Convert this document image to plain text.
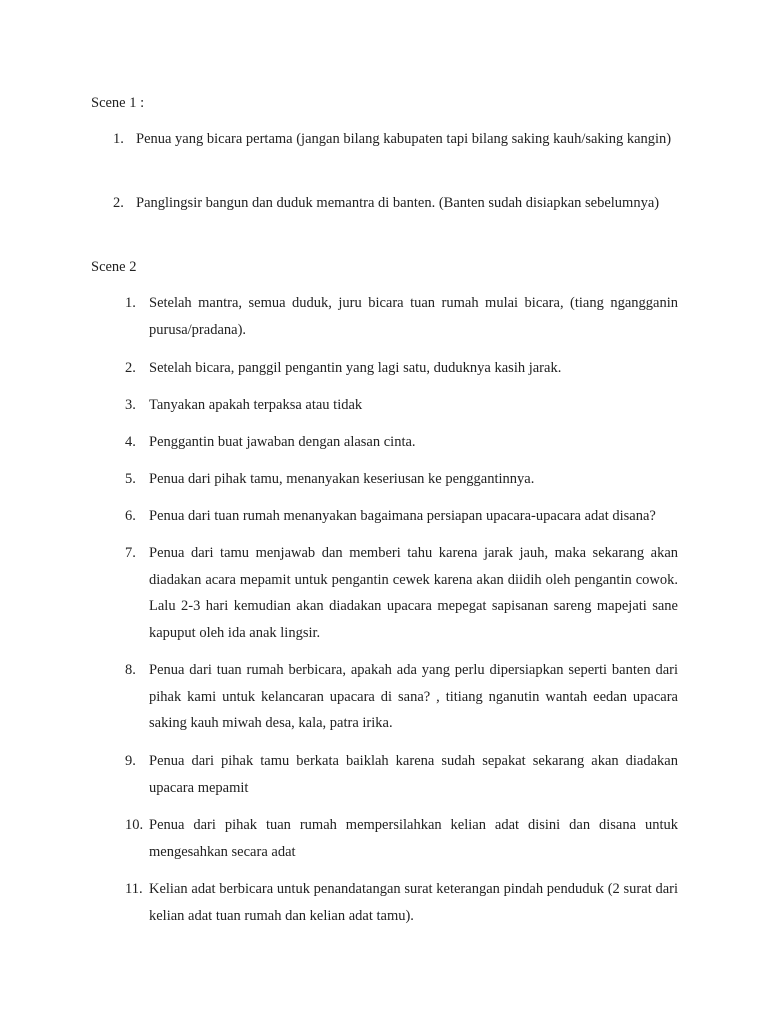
Scene 1 :
1. Penua yang bicara pertama (jangan bilang kabupaten tapi bilang saking kauh/saking kangin)

2. Panglingsir bangun dan duduk memantra di banten. (Banten sudah disiapkan sebelumnya)

Scene 2
1. Setelah mantra, semua duduk, juru bicara tuan rumah mulai bicara, (tiang ngangganin purusa/pradana).

2. Setelah bicara, panggil pengantin yang lagi satu, duduknya kasih jarak.

3. Tanyakan apakah terpaksa atau tidak

4. Penggantin buat jawaban dengan alasan cinta.

5. Penua dari pihak tamu, menanyakan keseriusan ke penggantinnya.

6. Penua dari tuan rumah menanyakan bagaimana persiapan upacara-upacara adat disana?

7. Penua dari tamu menjawab dan memberi tahu karena jarak jauh, maka sekarang akan diadakan acara mepamit untuk pengantin cewek karena akan diidih oleh pengantin cowok. Lalu 2-3 hari kemudian akan diadakan upacara mepegat sapisanan sareng mapejati sane kapuput oleh ida anak lingsir.

8. Penua dari tuan rumah berbicara, apakah ada yang perlu dipersiapkan seperti banten dari pihak kami untuk kelancaran upacara di sana? , titiang nganutin wantah eedan upacara saking kauh miwah desa, kala, patra irika.

9. Penua dari pihak tamu berkata baiklah karena sudah sepakat sekarang akan diadakan upacara mepamit

10. Penua dari pihak tuan rumah mempersilahkan kelian adat disini dan disana untuk mengesahkan secara adat

11. Kelian adat berbicara untuk penandatangan surat keterangan pindah penduduk (2 surat dari kelian adat tuan rumah dan kelian adat tamu).
